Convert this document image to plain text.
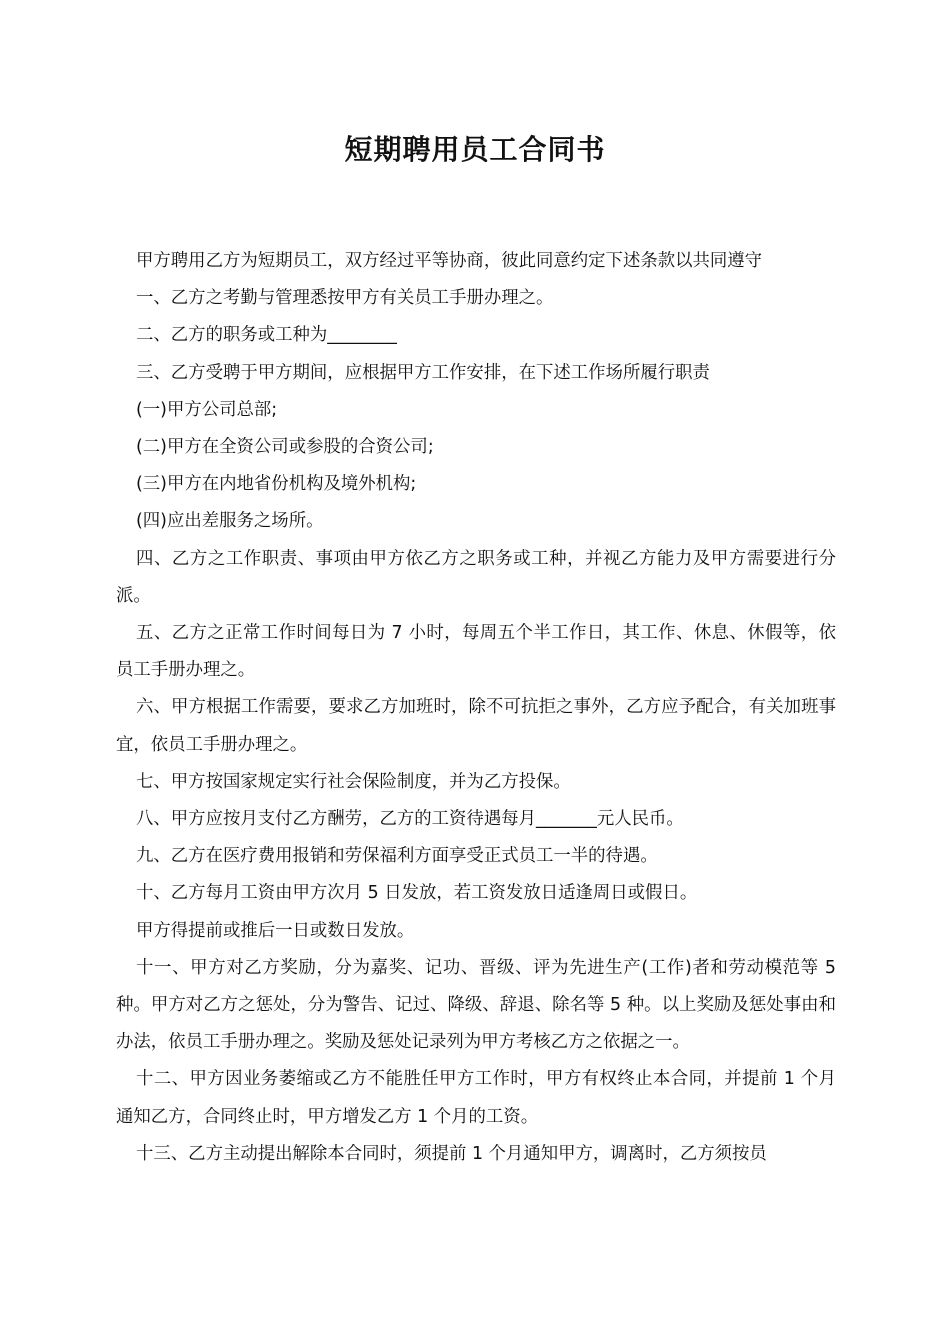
短期聘用员工合同书

甲方聘用乙方为短期员工，双方经过平等协商，彼此同意约定下述条款以共同遵守

一、乙方之考勤与管理悉按甲方有关员工手册办理之。

二、乙方的职务或工种为________

三、乙方受聘于甲方期间，应根据甲方工作安排，在下述工作场所履行职责

(一)甲方公司总部;

(二)甲方在全资公司或参股的合资公司;

(三)甲方在内地省份机构及境外机构;

(四)应出差服务之场所。

四、乙方之工作职责、事项由甲方依乙方之职务或工种，并视乙方能力及甲方需要进行分派。

五、乙方之正常工作时间每日为 7 小时，每周五个半工作日，其工作、休息、休假等，依员工手册办理之。

六、甲方根据工作需要，要求乙方加班时，除不可抗拒之事外，乙方应予配合，有关加班事宜，依员工手册办理之。

七、甲方按国家规定实行社会保险制度，并为乙方投保。

八、甲方应按月支付乙方酬劳，乙方的工资待遇每月_______元人民币。

九、乙方在医疗费用报销和劳保福利方面享受正式员工一半的待遇。

十、乙方每月工资由甲方次月 5 日发放，若工资发放日适逢周日或假日。

甲方得提前或推后一日或数日发放。

十一、甲方对乙方奖励，分为嘉奖、记功、晋级、评为先进生产(工作)者和劳动模范等 5 种。甲方对乙方之惩处，分为警告、记过、降级、辞退、除名等 5 种。以上奖励及惩处事由和办法，依员工手册办理之。奖励及惩处记录列为甲方考核乙方之依据之一。

十二、甲方因业务萎缩或乙方不能胜任甲方工作时，甲方有权终止本合同，并提前 1 个月通知乙方，合同终止时，甲方增发乙方 1 个月的工资。

十三、乙方主动提出解除本合同时，须提前 1 个月通知甲方，调离时，乙方须按员
